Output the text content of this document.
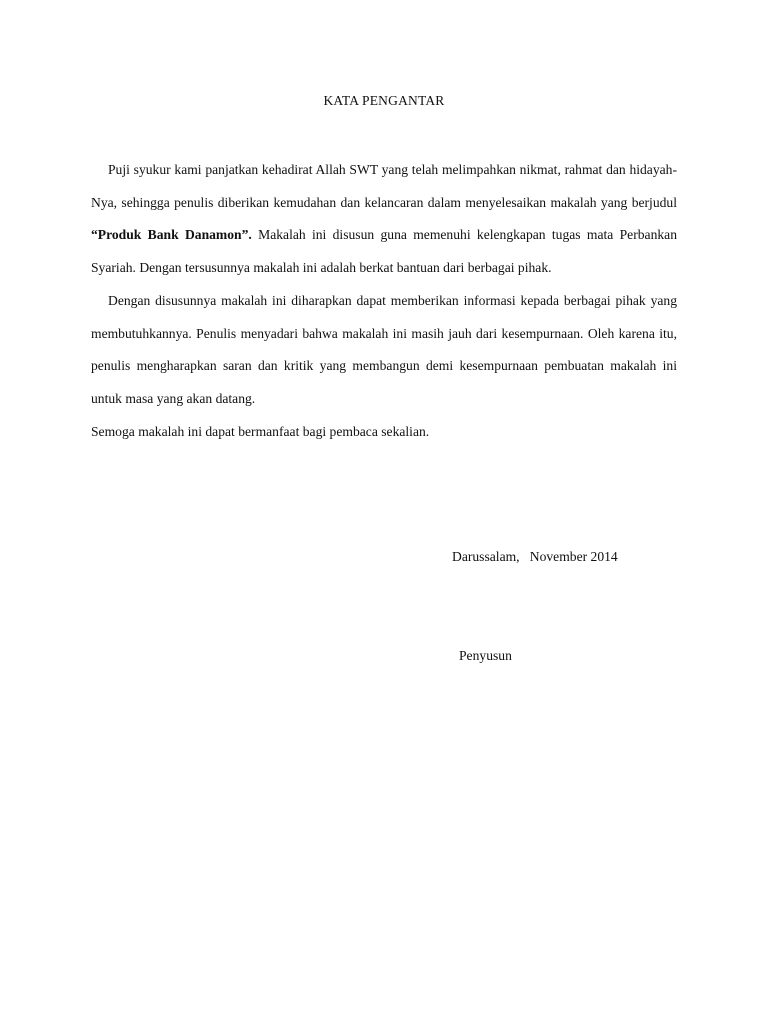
KATA PENGANTAR

Puji syukur kami panjatkan kehadirat Allah SWT yang telah melimpahkan nikmat, rahmat dan hidayah-Nya, sehingga penulis diberikan kemudahan dan kelancaran dalam menyelesaikan makalah yang berjudul “Produk Bank Danamon”. Makalah ini disusun guna memenuhi kelengkapan tugas mata Perbankan Syariah. Dengan tersusunnya makalah ini adalah berkat bantuan dari berbagai pihak.

Dengan disusunnya makalah ini diharapkan dapat memberikan informasi kepada berbagai pihak yang membutuhkannya. Penulis menyadari bahwa makalah ini masih jauh dari kesempurnaan. Oleh karena itu, penulis mengharapkan saran dan kritik yang membangun demi kesempurnaan pembuatan makalah ini untuk masa yang akan datang.

Semoga makalah ini dapat bermanfaat bagi pembaca sekalian.

Darussalam,   November 2014

Penyusun
